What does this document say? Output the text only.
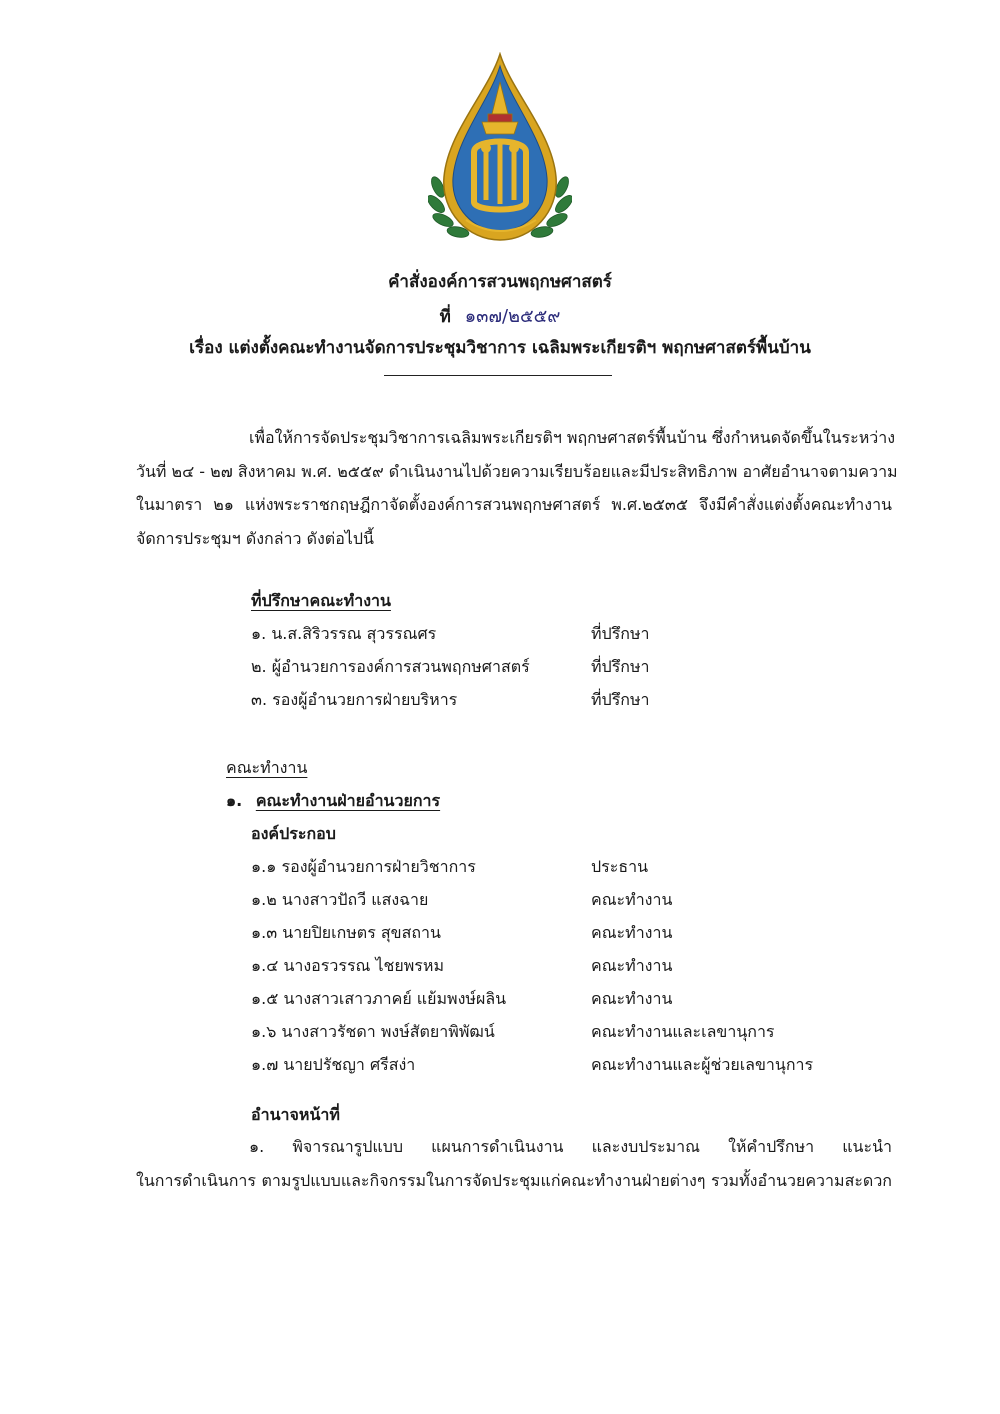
คำสั่งองค์การสวนพฤกษศาสตร์
ที่ ๑๓๗/๒๕๕๙
เรื่อง แต่งตั้งคณะทำงานจัดการประชุมวิชาการ เฉลิมพระเกียรติฯ พฤกษศาสตร์พื้นบ้าน
เพื่อให้การจัดประชุมวิชาการเฉลิมพระเกียรติฯ พฤกษศาสตร์พื้นบ้าน ซึ่งกำหนดจัดขึ้นในระหว่าง
วันที่ ๒๔ - ๒๗ สิงหาคม พ.ศ. ๒๕๕๙ ดำเนินงานไปด้วยความเรียบร้อยและมีประสิทธิภาพ อาศัยอำนาจตามความ
ในมาตรา ๒๑ แห่งพระราชกฤษฎีกาจัดตั้งองค์การสวนพฤกษศาสตร์ พ.ศ.๒๕๓๕ จึงมีคำสั่งแต่งตั้งคณะทำงาน
จัดการประชุมฯ ดังกล่าว ดังต่อไปนี้
ที่ปรึกษาคณะทำงาน
๑. น.ส.สิริวรรณ สุวรรณศร	ที่ปรึกษา
๒. ผู้อำนวยการองค์การสวนพฤกษศาสตร์	ที่ปรึกษา
๓. รองผู้อำนวยการฝ่ายบริหาร	ที่ปรึกษา
คณะทำงาน
๑. คณะทำงานฝ่ายอำนวยการ
องค์ประกอบ
๑.๑ รองผู้อำนวยการฝ่ายวิชาการ	ประธาน
๑.๒ นางสาวปัถวี แสงฉาย	คณะทำงาน
๑.๓ นายปิยเกษตร สุขสถาน	คณะทำงาน
๑.๔ นางอรวรรณ ไชยพรหม	คณะทำงาน
๑.๕ นางสาวเสาวภาคย์ แย้มพงษ์ผลิน	คณะทำงาน
๑.๖ นางสาวรัชดา พงษ์สัตยาพิพัฒน์	คณะทำงานและเลขานุการ
๑.๗ นายปรัชญา ศรีสง่า	คณะทำงานและผู้ช่วยเลขานุการ
อำนาจหน้าที่
๑. พิจารณารูปแบบ แผนการดำเนินงาน และงบประมาณ ให้คำปรึกษา แนะนำ
ในการดำเนินการ ตามรูปแบบและกิจกรรมในการจัดประชุมแก่คณะทำงานฝ่ายต่างๆ รวมทั้งอำนวยความสะดวก
